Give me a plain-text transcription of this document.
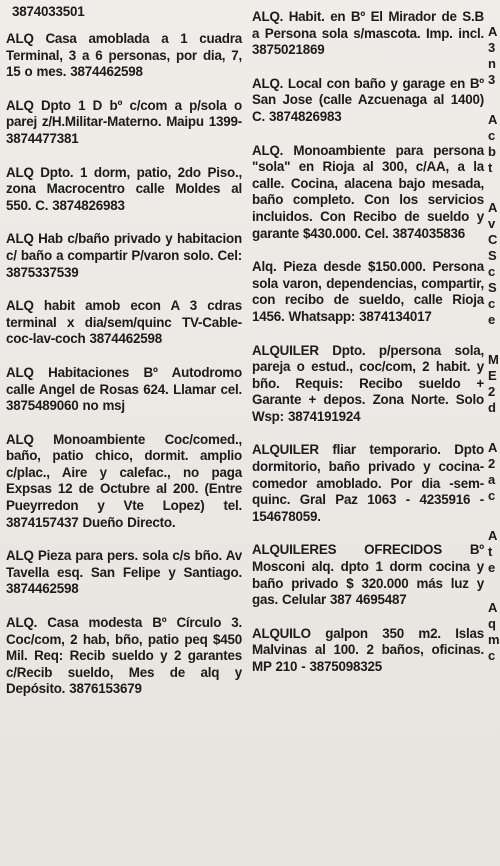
3874033501

ALQ Casa amoblada a 1 cuadra Terminal, 3 a 6 personas, por dia, 7, 15 o mes. 3874462598

ALQ Dpto 1 D bº c/com a p/sola o parej z/H.Militar-Materno. Maipu 1399- 3874477381

ALQ Dpto. 1 dorm, patio, 2do Piso., zona Macrocentro calle Moldes al 550. C. 3874826983

ALQ Hab c/baño privado y habitacion c/ baño a compartir P/varon solo. Cel: 3875337539

ALQ habit amob econ A 3 cdras terminal x dia/sem/quinc TV-Cable-coc-lav-coch 3874462598

ALQ Habitaciones Bº Autodromo calle Angel de Rosas 624. Llamar cel. 3875489060 no msj

ALQ Monoambiente Coc/comed., baño, patio chico, dormit. amplio c/plac., Aire y calefac., no paga Expsas 12 de Octubre al 200. (Entre Pueyrredon y Vte Lopez) tel. 3874157437 Dueño Directo.

ALQ Pieza para pers. sola c/s bño. Av Tavella esq. San Felipe y Santiago. 3874462598

ALQ. Casa modesta Bº Círculo 3. Coc/com, 2 hab, bño, patio peq $450 Mil. Req: Recib sueldo y 2 garantes c/Recib sueldo, Mes de alq y Depósito. 3876153679

ALQ. Habit. en Bº El Mirador de S.B a Persona sola s/mascota. Imp. incl. 3875021869

ALQ. Local con baño y garage en Bº San Jose (calle Azcuenaga al 1400) C. 3874826983

ALQ. Monoambiente para persona "sola" en Rioja al 300, c/AA, a la calle. Cocina, alacena bajo mesada, baño completo. Con los servicios incluidos. Con Recibo de sueldo y garante $430.000. Cel. 3874035836

Alq. Pieza desde $150.000. Persona sola varon, dependencias, compartir, con recibo de sueldo, calle Rioja 1456. Whatsapp: 3874134017

ALQUILER Dpto. p/persona sola, pareja o estud., coc/com, 2 habit. y bño. Requis: Recibo sueldo + Garante + depos. Zona Norte. Solo Wsp: 3874191924

ALQUILER fliar temporario. Dpto dormitorio, baño privado y cocina-comedor amoblado. Por dia -sem- quinc. Gral Paz 1063 - 4235916 - 154678059.

ALQUILERES OFRECIDOS Bº Mosconi alq. dpto 1 dorm cocina y baño privado $ 320.000 más luz y gas. Celular 387 4695487

ALQUILO galpon 350 m2. Islas Malvinas al 100. 2 baños, oficinas. MP 210 - 3875098325

A

3

n

3

A

c

b

t

A

v

C

S

c

S

c

e

M

E

2

d

A

2

a

c

A

t

e

A

q

m

c
